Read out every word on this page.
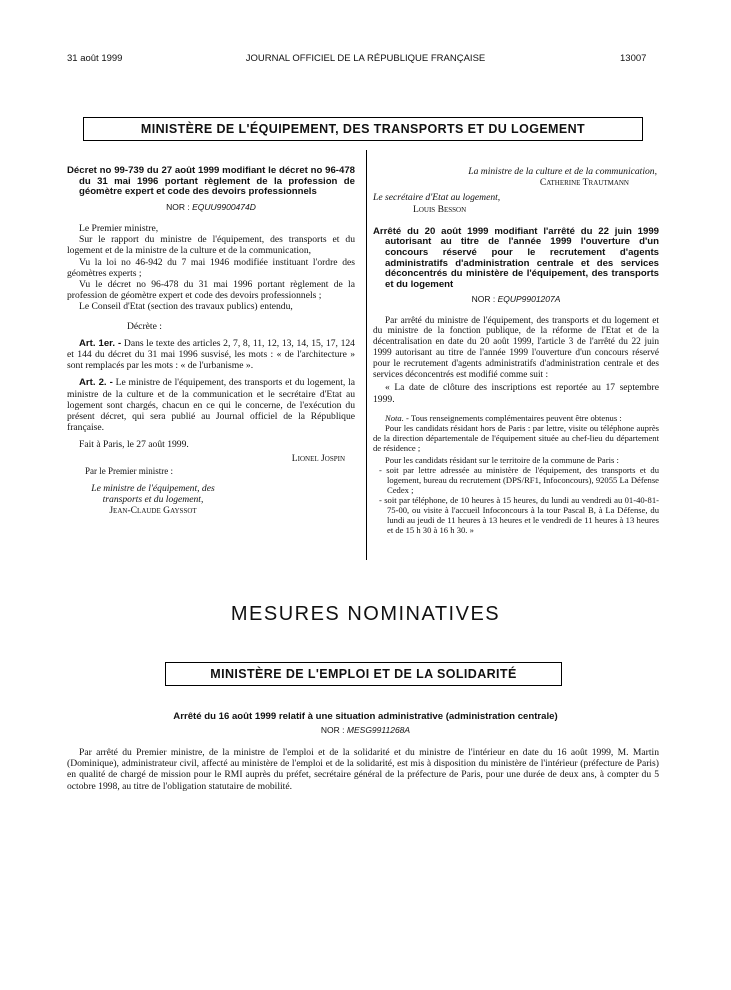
31 août 1999	JOURNAL OFFICIEL DE LA RÉPUBLIQUE FRANÇAISE	13007
MINISTÈRE DE L'ÉQUIPEMENT, DES TRANSPORTS ET DU LOGEMENT

Décret no 99-739 du 27 août 1999 modifiant le décret no 96-478 du 31 mai 1996 portant règlement de la profession de géomètre expert et code des devoirs professionnels

NOR : EQUU9900474D

Le Premier ministre,

Sur le rapport du ministre de l'équipement, des transports et du logement et de la ministre de la culture et de la communication,

Vu la loi no 46-942 du 7 mai 1946 modifiée instituant l'ordre des géomètres experts ;

Vu le décret no 96-478 du 31 mai 1996 portant règlement de la profession de géomètre expert et code des devoirs professionnels ;

Le Conseil d'Etat (section des travaux publics) entendu,

Décrète :

Art. 1er. - Dans le texte des articles 2, 7, 8, 11, 12, 13, 14, 15, 17, 124 et 144 du décret du 31 mai 1996 susvisé, les mots : « de l'architecture » sont remplacés par les mots : « de l'urbanisme ».

Art. 2. - Le ministre de l'équipement, des transports et du logement, la ministre de la culture et de la communication et le secrétaire d'Etat au logement sont chargés, chacun en ce qui le concerne, de l'exécution du présent décret, qui sera publié au Journal officiel de la République française.

Fait à Paris, le 27 août 1999.

Lionel Jospin
Par le Premier ministre :
Le ministre de l'équipement, des transports et du logement,
Jean-Claude Gayssot
La ministre de la culture et de la communication,
Catherine Trautmann
Le secrétaire d'Etat au logement,
Louis Besson

Arrêté du 20 août 1999 modifiant l'arrêté du 22 juin 1999 autorisant au titre de l'année 1999 l'ouverture d'un concours réservé pour le recrutement d'agents administratifs d'administration centrale et des services déconcentrés du ministère de l'équipement, des transports et du logement

NOR : EQUP9901207A

Par arrêté du ministre de l'équipement, des transports et du logement et du ministre de la fonction publique, de la réforme de l'Etat et de la décentralisation en date du 20 août 1999, l'article 3 de l'arrêté du 22 juin 1999 autorisant au titre de l'année 1999 l'ouverture d'un concours réservé pour le recrutement d'agents administratifs d'administration centrale et des services déconcentrés est modifié comme suit :

« La date de clôture des inscriptions est reportée au 17 septembre 1999.

Nota. - Tous renseignements complémentaires peuvent être obtenus :

Pour les candidats résidant hors de Paris : par lettre, visite ou téléphone auprès de la direction départementale de l'équipement située au chef-lieu du département de résidence ;

Pour les candidats résidant sur le territoire de la commune de Paris :

- soit par lettre adressée au ministère de l'équipement, des transports et du logement, bureau du recrutement (DPS/RF1, Infoconcours), 92055 La Défense Cedex ;

- soit par téléphone, de 10 heures à 15 heures, du lundi au vendredi au 01-40-81-75-00, ou visite à l'accueil Infoconcours à la tour Pascal B, à La Défense, du lundi au jeudi de 11 heures à 13 heures et le vendredi de 11 heures à 13 heures et de 15 h 30 à 16 h 30. »

MESURES NOMINATIVES
MINISTÈRE DE L'EMPLOI ET DE LA SOLIDARITÉ
Arrêté du 16 août 1999 relatif à une situation administrative (administration centrale)
NOR : MESG9911268A

Par arrêté du Premier ministre, de la ministre de l'emploi et de la solidarité et du ministre de l'intérieur en date du 16 août 1999, M. Martin (Dominique), administrateur civil, affecté au ministère de l'emploi et de la solidarité, est mis à disposition du ministère de l'intérieur (préfecture de Paris) en qualité de chargé de mission pour le RMI auprès du préfet, secrétaire général de la préfecture de Paris, pour une durée de deux ans, à compter du 5 octobre 1998, au titre de l'obligation statutaire de mobilité.
